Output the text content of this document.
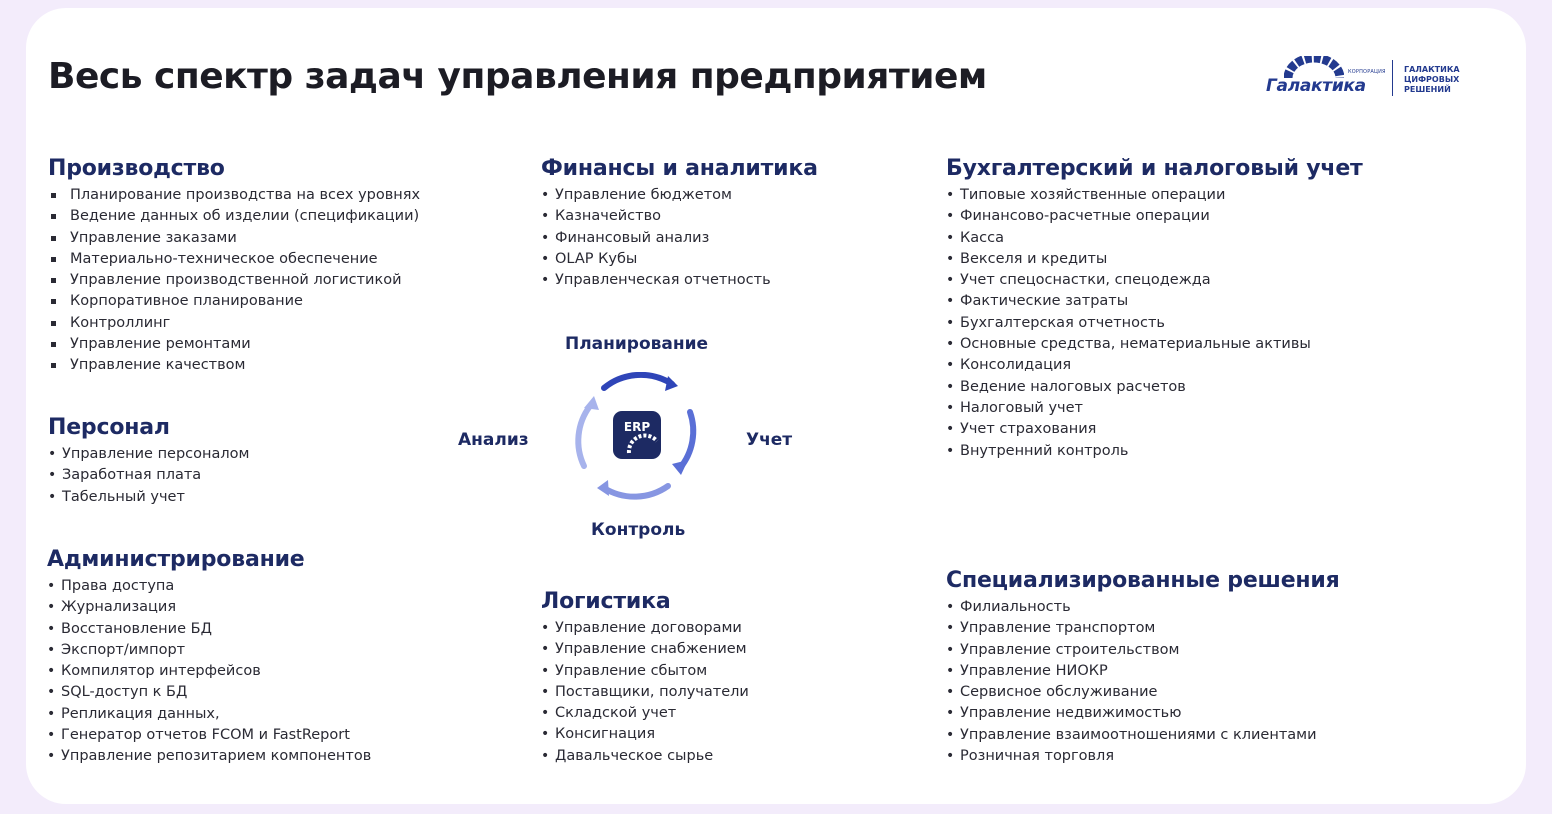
Весь спектр задач управления предприятием	Галактика
КОРПОРАЦИЯ ГАЛАКТИКА
ЦИФРОВЫХ
РЕШЕНИЙ
Производство
Планирование производства на всех уровнях
Ведение данных об изделии (спецификации)
Управление заказами
Материально-техническое обеспечение
Управление производственной логистикой
Корпоративное планирование
Контроллинг
Управление ремонтами
Управление качеством
Персонал
• Управление персоналом
• Заработная плата
• Табельный учет
Администрирование
• Права доступа
• Журнализация
• Восстановление БД
• Экспорт/импорт
• Компилятор интерфейсов
• SQL-доступ к БД
• Репликация данных,
• Генератор отчетов FCOM и FastReport
• Управление репозитарием компонентов
Финансы и аналитика
• Управление бюджетом
• Казначейство
• Финансовый анализ
• OLAP Кубы
• Управленческая отчетность
Логистика
• Управление договорами
• Управление снабжением
• Управление сбытом
• Поставщики, получатели
• Складской учет
• Консигнация
• Давальческое сырье
Бухгалтерский и налоговый учет
• Типовые хозяйственные операции
• Финансово-расчетные операции
• Касса
• Векселя и кредиты
• Учет спецоснастки, спецодежда
• Фактические затраты
• Бухгалтерская отчетность
• Основные средства, нематериальные активы
• Консолидация
• Ведение налоговых расчетов
• Налоговый учет
• Учет страхования
• Внутренний контроль
Специализированные решения
• Филиальность
• Управление транспортом
• Управление строительством
• Управление НИОКР
• Сервисное обслуживание
• Управление недвижимостью
• Управление взаимоотношениями с клиентами
• Розничная торговля
Планирование
Учет
Контроль
Анализ
ERP
